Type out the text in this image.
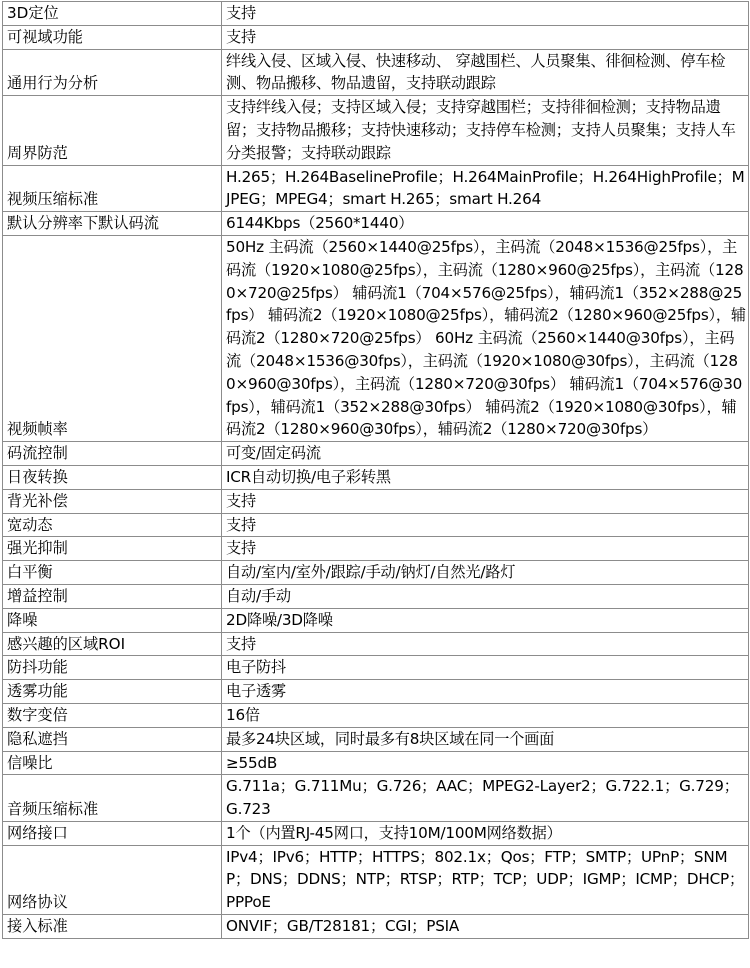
3D定位	支持
可视域功能	支持
通用行为分析	绊线入侵、区域入侵、快速移动、 穿越围栏、人员聚集、徘徊检测、停车检测、物品搬移、物品遗留，支持联动跟踪
周界防范	支持绊线入侵；支持区域入侵；支持穿越围栏；支持徘徊检测；支持物品遗留；支持物品搬移；支持快速移动；支持停车检测；支持人员聚集；支持人车分类报警；支持联动跟踪
视频压缩标准	H.265；H.264BaselineProfile；H.264MainProfile；H.264HighProfile；MJPEG；MPEG4；smart H.265；smart H.264
默认分辨率下默认码流	6144Kbps（2560*1440）
视频帧率	50Hz 主码流（2560×1440@25fps），主码流（2048×1536@25fps），主码流（1920×1080@25fps），主码流（1280×960@25fps），主码流（1280×720@25fps） 辅码流1（704×576@25fps），辅码流1（352×288@25fps） 辅码流2（1920×1080@25fps），辅码流2（1280×960@25fps），辅码流2（1280×720@25fps） 60Hz 主码流（2560×1440@30fps），主码流（2048×1536@30fps），主码流（1920×1080@30fps），主码流（1280×960@30fps），主码流（1280×720@30fps） 辅码流1（704×576@30fps），辅码流1（352×288@30fps） 辅码流2（1920×1080@30fps），辅码流2（1280×960@30fps），辅码流2（1280×720@30fps）
码流控制	可变/固定码流
日夜转换	ICR自动切换/电子彩转黑
背光补偿	支持
宽动态	支持
强光抑制	支持
白平衡	自动/室内/室外/跟踪/手动/钠灯/自然光/路灯
增益控制	自动/手动
降噪	2D降噪/3D降噪
感兴趣的区域ROI	支持
防抖功能	电子防抖
透雾功能	电子透雾
数字变倍	16倍
隐私遮挡	最多24块区域，同时最多有8块区域在同一个画面
信噪比	≥55dB
音频压缩标准	G.711a；G.711Mu；G.726；AAC；MPEG2-Layer2；G.722.1；G.729；G.723
网络接口	1个（内置RJ-45网口，支持10M/100M网络数据）
网络协议	IPv4；IPv6；HTTP；HTTPS；802.1x；Qos；FTP；SMTP；UPnP；SNMP；DNS；DDNS；NTP；RTSP；RTP；TCP；UDP；IGMP；ICMP；DHCP；PPPoE
接入标准	ONVIF；GB/T28181；CGI；PSIA
